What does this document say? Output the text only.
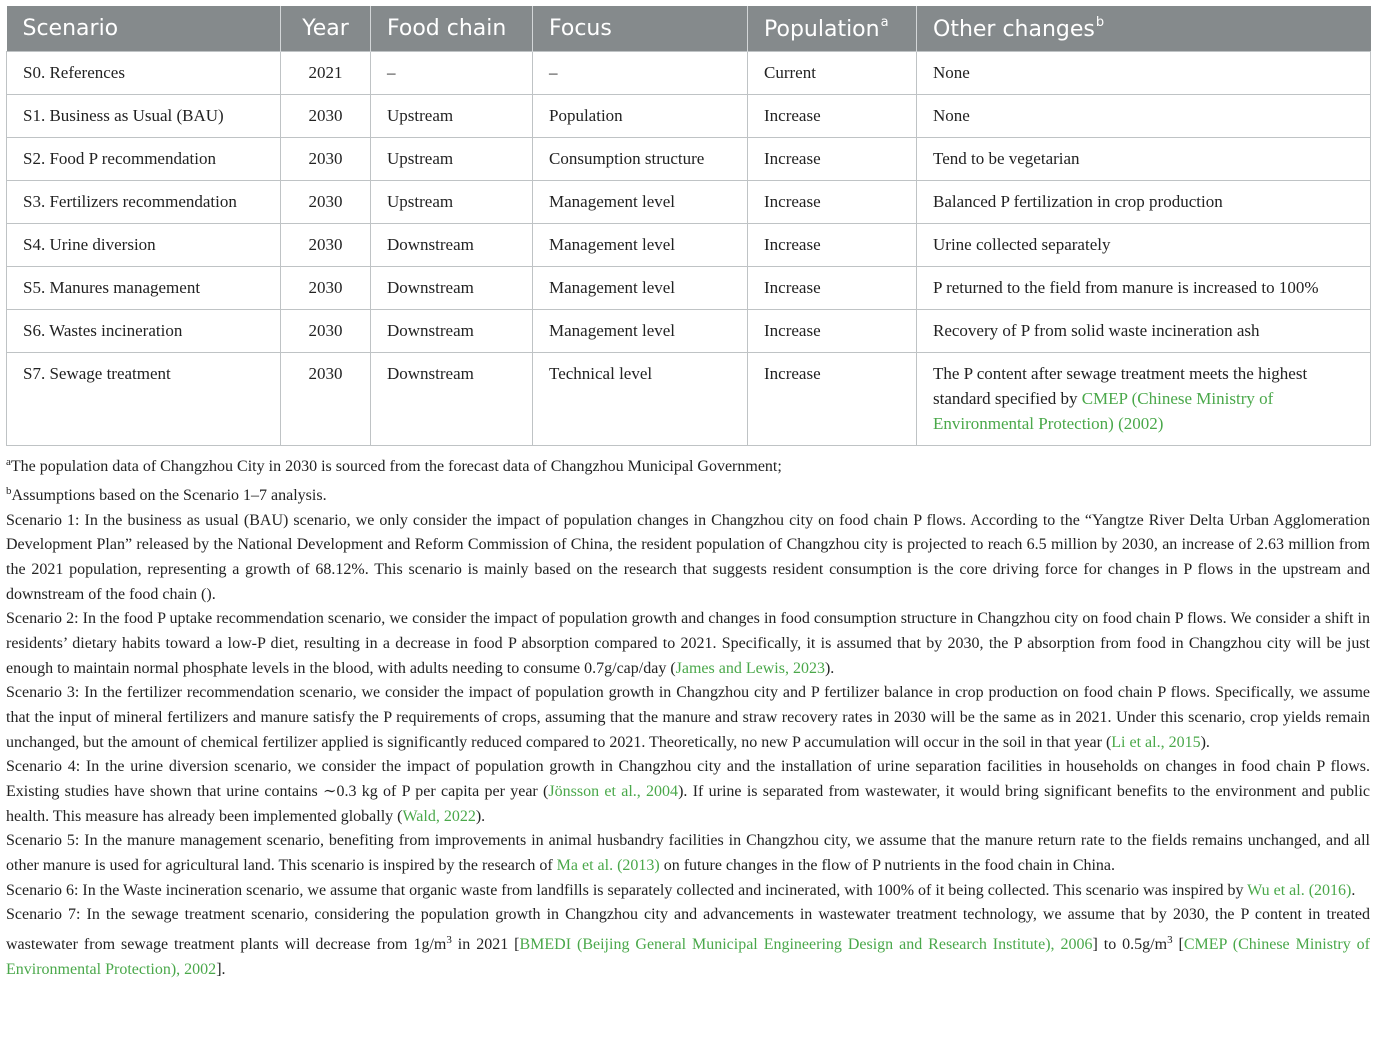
Scenario	Year	Food chain	Focus	Population$^a$	Other changes$^b$
S0. References	2021	–	–	Current	None
S1. Business as Usual (BAU)	2030	Upstream	Population	Increase	None
S2. Food P recommendation	2030	Upstream	Consumption structure	Increase	Tend to be vegetarian
S3. Fertilizers recommendation	2030	Upstream	Management level	Increase	Balanced P fertilization in crop production
S4. Urine diversion	2030	Downstream	Management level	Increase	Urine collected separately
S5. Manures management	2030	Downstream	Management level	Increase	P returned to the field from manure is increased to 100%
S6. Wastes incineration	2030	Downstream	Management level	Increase	Recovery of P from solid waste incineration ash
S7. Sewage treatment	2030	Downstream	Technical level	Increase	The P content after sewage treatment meets the highest standard specified by CMEP (Chinese Ministry of Environmental Protection) (2002)

$^a$The population data of Changzhou City in 2030 is sourced from the forecast data of Changzhou Municipal Government;

$^b$Assumptions based on the Scenario 1–7 analysis.

Scenario 1: In the business as usual (BAU) scenario, we only consider the impact of population changes in Changzhou city on food chain P flows. According to the “Yangtze River Delta Urban Agglomeration Development Plan” released by the National Development and Reform Commission of China, the resident population of Changzhou city is projected to reach 6.5 million by 2030, an increase of 2.63 million from the 2021 population, representing a growth of 68.12%. This scenario is mainly based on the research that suggests resident consumption is the core driving force for changes in P flows in the upstream and downstream of the food chain ().

Scenario 2: In the food P uptake recommendation scenario, we consider the impact of population growth and changes in food consumption structure in Changzhou city on food chain P flows. We consider a shift in residents’ dietary habits toward a low-P diet, resulting in a decrease in food P absorption compared to 2021. Specifically, it is assumed that by 2030, the P absorption from food in Changzhou city will be just enough to maintain normal phosphate levels in the blood, with adults needing to consume 0.7g/cap/day (James and Lewis, 2023).

Scenario 3: In the fertilizer recommendation scenario, we consider the impact of population growth in Changzhou city and P fertilizer balance in crop production on food chain P flows. Specifically, we assume that the input of mineral fertilizers and manure satisfy the P requirements of crops, assuming that the manure and straw recovery rates in 2030 will be the same as in 2021. Under this scenario, crop yields remain unchanged, but the amount of chemical fertilizer applied is significantly reduced compared to 2021. Theoretically, no new P accumulation will occur in the soil in that year (Li et al., 2015).

Scenario 4: In the urine diversion scenario, we consider the impact of population growth in Changzhou city and the installation of urine separation facilities in households on changes in food chain P flows. Existing studies have shown that urine contains ∼0.3 kg of P per capita per year (Jönsson et al., 2004). If urine is separated from wastewater, it would bring significant benefits to the environment and public health. This measure has already been implemented globally (Wald, 2022).

Scenario 5: In the manure management scenario, benefiting from improvements in animal husbandry facilities in Changzhou city, we assume that the manure return rate to the fields remains unchanged, and all other manure is used for agricultural land. This scenario is inspired by the research of Ma et al. (2013) on future changes in the flow of P nutrients in the food chain in China.

Scenario 6: In the Waste incineration scenario, we assume that organic waste from landfills is separately collected and incinerated, with 100% of it being collected. This scenario was inspired by Wu et al. (2016).

Scenario 7: In the sewage treatment scenario, considering the population growth in Changzhou city and advancements in wastewater treatment technology, we assume that by 2030, the P content in treated wastewater from sewage treatment plants will decrease from $1g/m^3$ in 2021 [BMEDI (Beijing General Municipal Engineering Design and Research Institute), 2006] to $0.5g/m^3$ [CMEP (Chinese Ministry of Environmental Protection), 2002].
